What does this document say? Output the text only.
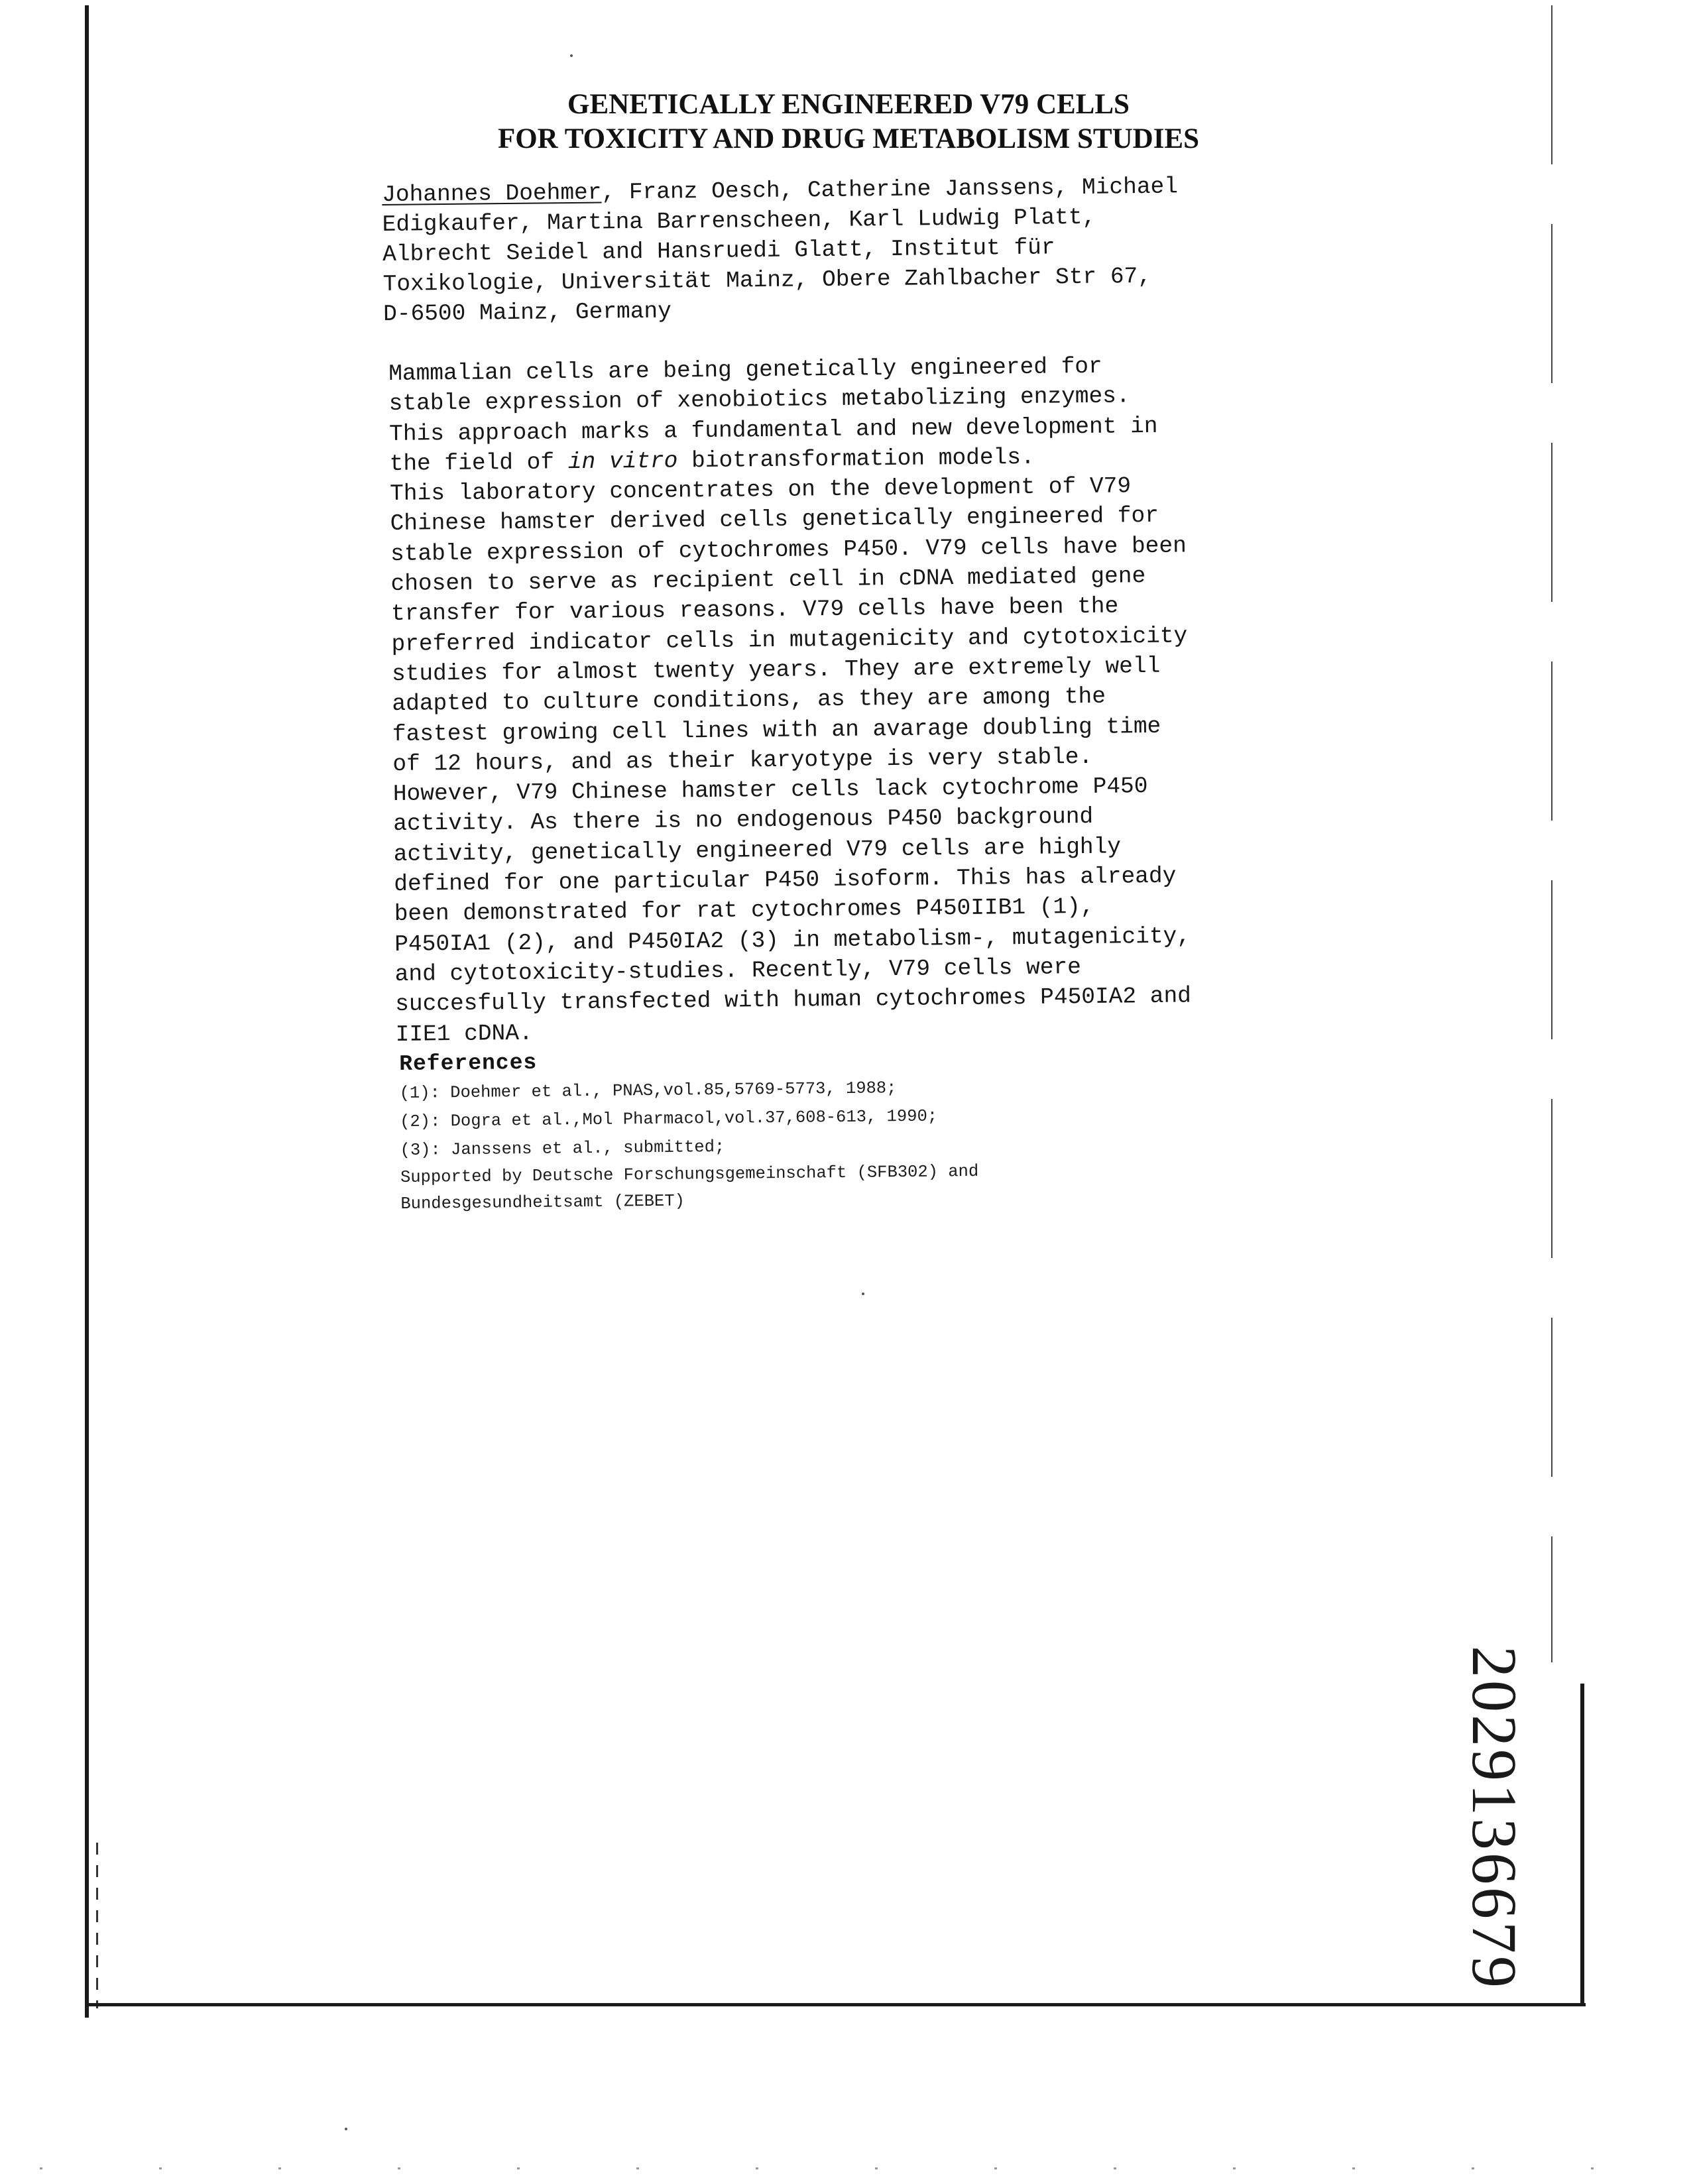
GENETICALLY ENGINEERED V79 CELLS
FOR TOXICITY AND DRUG METABOLISM STUDIES

Johannes Doehmer, Franz Oesch, Catherine Janssens, Michael
Edigkaufer, Martina Barrenscheen, Karl Ludwig Platt,
Albrecht Seidel and Hansruedi Glatt, Institut für
Toxikologie, Universität Mainz, Obere Zahlbacher Str 67,
D-6500 Mainz, Germany

Mammalian cells are being genetically engineered for
stable expression of xenobiotics metabolizing enzymes.
This approach marks a fundamental and new development in
the field of in vitro biotransformation models.
This laboratory concentrates on the development of V79
Chinese hamster derived cells genetically engineered for
stable expression of cytochromes P450. V79 cells have been
chosen to serve as recipient cell in cDNA mediated gene
transfer for various reasons. V79 cells have been the
preferred indicator cells in mutagenicity and cytotoxicity
studies for almost twenty years. They are extremely well
adapted to culture conditions, as they are among the
fastest growing cell lines with an avarage doubling time
of 12 hours, and as their karyotype is very stable.
However, V79 Chinese hamster cells lack cytochrome P450
activity. As there is no endogenous P450 background
activity, genetically engineered V79 cells are highly
defined for one particular P450 isoform. This has already
been demonstrated for rat cytochromes P450IIB1 (1),
P450IA1 (2), and P450IA2 (3) in metabolism-, mutagenicity,
and cytotoxicity-studies. Recently, V79 cells were
succesfully transfected with human cytochromes P450IA2 and
IIE1 cDNA.
References
(1): Doehmer et al., PNAS,vol.85,5769-5773, 1988;
(2): Dogra et al.,Mol Pharmacol,vol.37,608-613, 1990;
(3): Janssens et al., submitted;
Supported by Deutsche Forschungsgemeinschaft (SFB302) and
Bundesgesundheitsamt (ZEBET)
2029136679
